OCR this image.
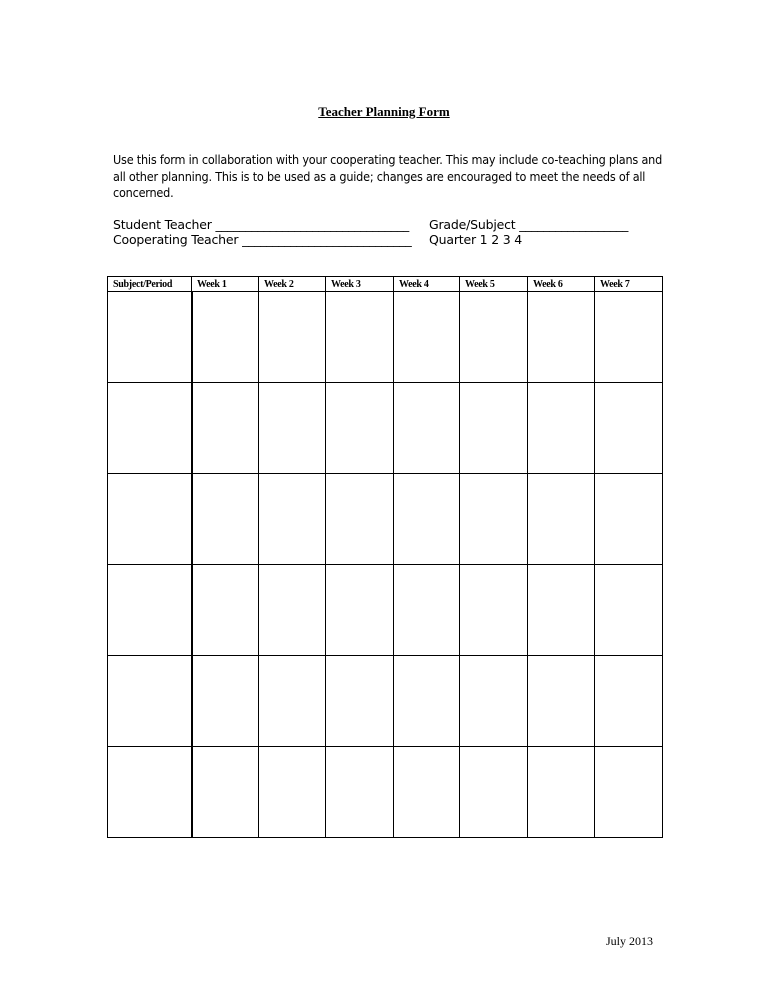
Teacher Planning Form
Use this form in collaboration with your cooperating teacher. This may include co-teaching plans and all other planning. This is to be used as a guide; changes are encouraged to meet the needs of all concerned.
Student Teacher ________________________________ Grade/Subject __________________
Cooperating Teacher ____________________________ Quarter 1 2 3 4
Subject/Period	Week 1	Week 2	Week 3	Week 4	Week 5	Week 6	Week 7

July 2013
